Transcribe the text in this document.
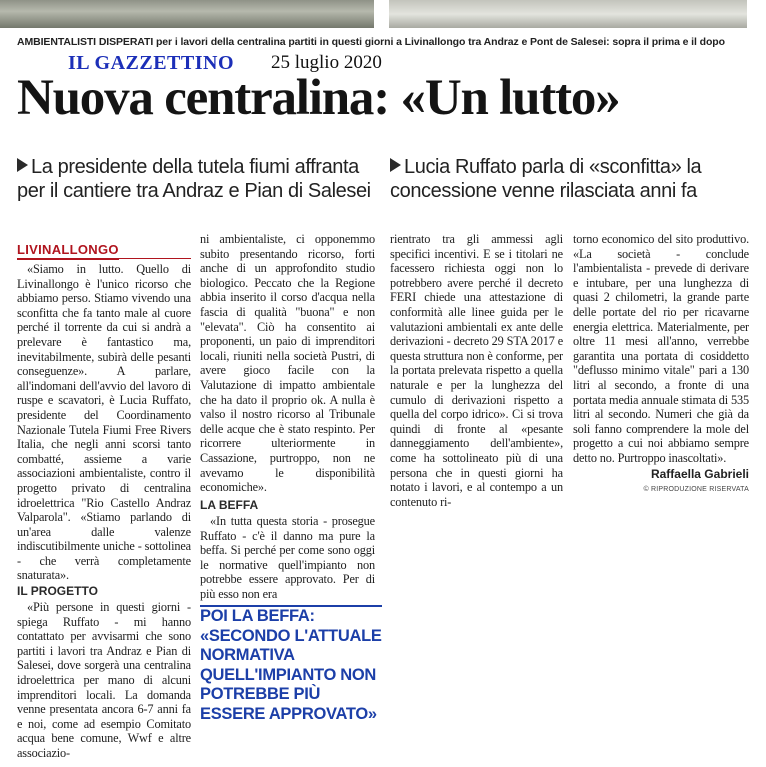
AMBIENTALISTI DISPERATI per i lavori della centralina partiti in questi giorni a Livinallongo tra Andraz e Pont de Salesei: sopra il prima e il dopo
IL GAZZETTINO 25 luglio 2020
Nuova centralina: «Un lutto»
La presidente della tutela fiumi affranta per il cantiere tra Andraz e Pian di Salesei
Lucia Ruffato parla di «sconfitta» la concessione venne rilasciata anni fa
LIVINALLONGO

«Siamo in lutto. Quello di Livinallongo è l'unico ricorso che abbiamo perso. Stiamo vivendo una sconfitta che fa tanto male al cuore perché il torrente da cui si andrà a prelevare è fantastico ma, inevitabilmente, subirà delle pesanti conseguenze». A parlare, all'indomani dell'avvio del lavoro di ruspe e scavatori, è Lucia Ruffato, presidente del Coordinamento Nazionale Tutela Fiumi Free Rivers Italia, che negli anni scorsi tanto combatté, assieme a varie associazioni ambientaliste, contro il progetto privato di centralina idroelettrica "Rio Castello Andraz Valparola". «Stiamo parlando di un'area dalle valenze indiscutibilmente uniche - sottolinea - che verrà completamente snaturata».

IL PROGETTO

«Più persone in questi giorni - spiega Ruffato - mi hanno contattato per avvisarmi che sono partiti i lavori tra Andraz e Pian di Salesei, dove sorgerà una centralina idroelettrica per mano di alcuni imprenditori locali. La domanda venne presentata ancora 6-7 anni fa e noi, come ad esempio Comitato acqua bene comune, Wwf e altre associazio-

ni ambientaliste, ci opponemmo subito presentando ricorso, forti anche di un approfondito studio biologico. Peccato che la Regione abbia inserito il corso d'acqua nella fascia di qualità "buona" e non "elevata". Ciò ha consentito ai proponenti, un paio di imprenditori locali, riuniti nella società Pustri, di avere gioco facile con la Valutazione di impatto ambientale che ha dato il proprio ok. A nulla è valso il nostro ricorso al Tribunale delle acque che è stato respinto. Per ricorrere ulteriormente in Cassazione, purtroppo, non ne avevamo le disponibilità economiche».

LA BEFFA

«In tutta questa storia - prosegue Ruffato - c'è il danno ma pure la beffa. Si perché per come sono oggi le normative quell'impianto non potrebbe essere approvato. Per di più esso non era

POI LA BEFFA: «SECONDO L'ATTUALE NORMATIVA QUELL'IMPIANTO NON POTREBBE PIÙ ESSERE APPROVATO»

rientrato tra gli ammessi agli specifici incentivi. E se i titolari ne facessero richiesta oggi non lo potrebbero avere perché il decreto FERI chiede una attestazione di conformità alle linee guida per le valutazioni ambientali ex ante delle derivazioni - decreto 29 STA 2017 e questa struttura non è conforme, per la portata prelevata rispetto a quella naturale e per la lunghezza del cumulo di derivazioni rispetto a quella del corpo idrico». Ci si trova quindi di fronte al «pesante danneggiamento dell'ambiente», come ha sottolineato più di una persona che in questi giorni ha notato i lavori, e al contempo a un contenuto ri-

torno economico del sito produttivo. «La società - conclude l'ambientalista - prevede di derivare e intubare, per una lunghezza di quasi 2 chilometri, la grande parte delle portate del rio per ricavarne energia elettrica. Materialmente, per oltre 11 mesi all'anno, verrebbe garantita una portata di cosiddetto "deflusso minimo vitale" pari a 130 litri al secondo, a fronte di una portata media annuale stimata di 535 litri al secondo. Numeri che già da soli fanno comprendere la mole del progetto a cui noi abbiamo sempre detto no. Purtroppo inascoltati».

Raffaella Gabrieli
© RIPRODUZIONE RISERVATA
